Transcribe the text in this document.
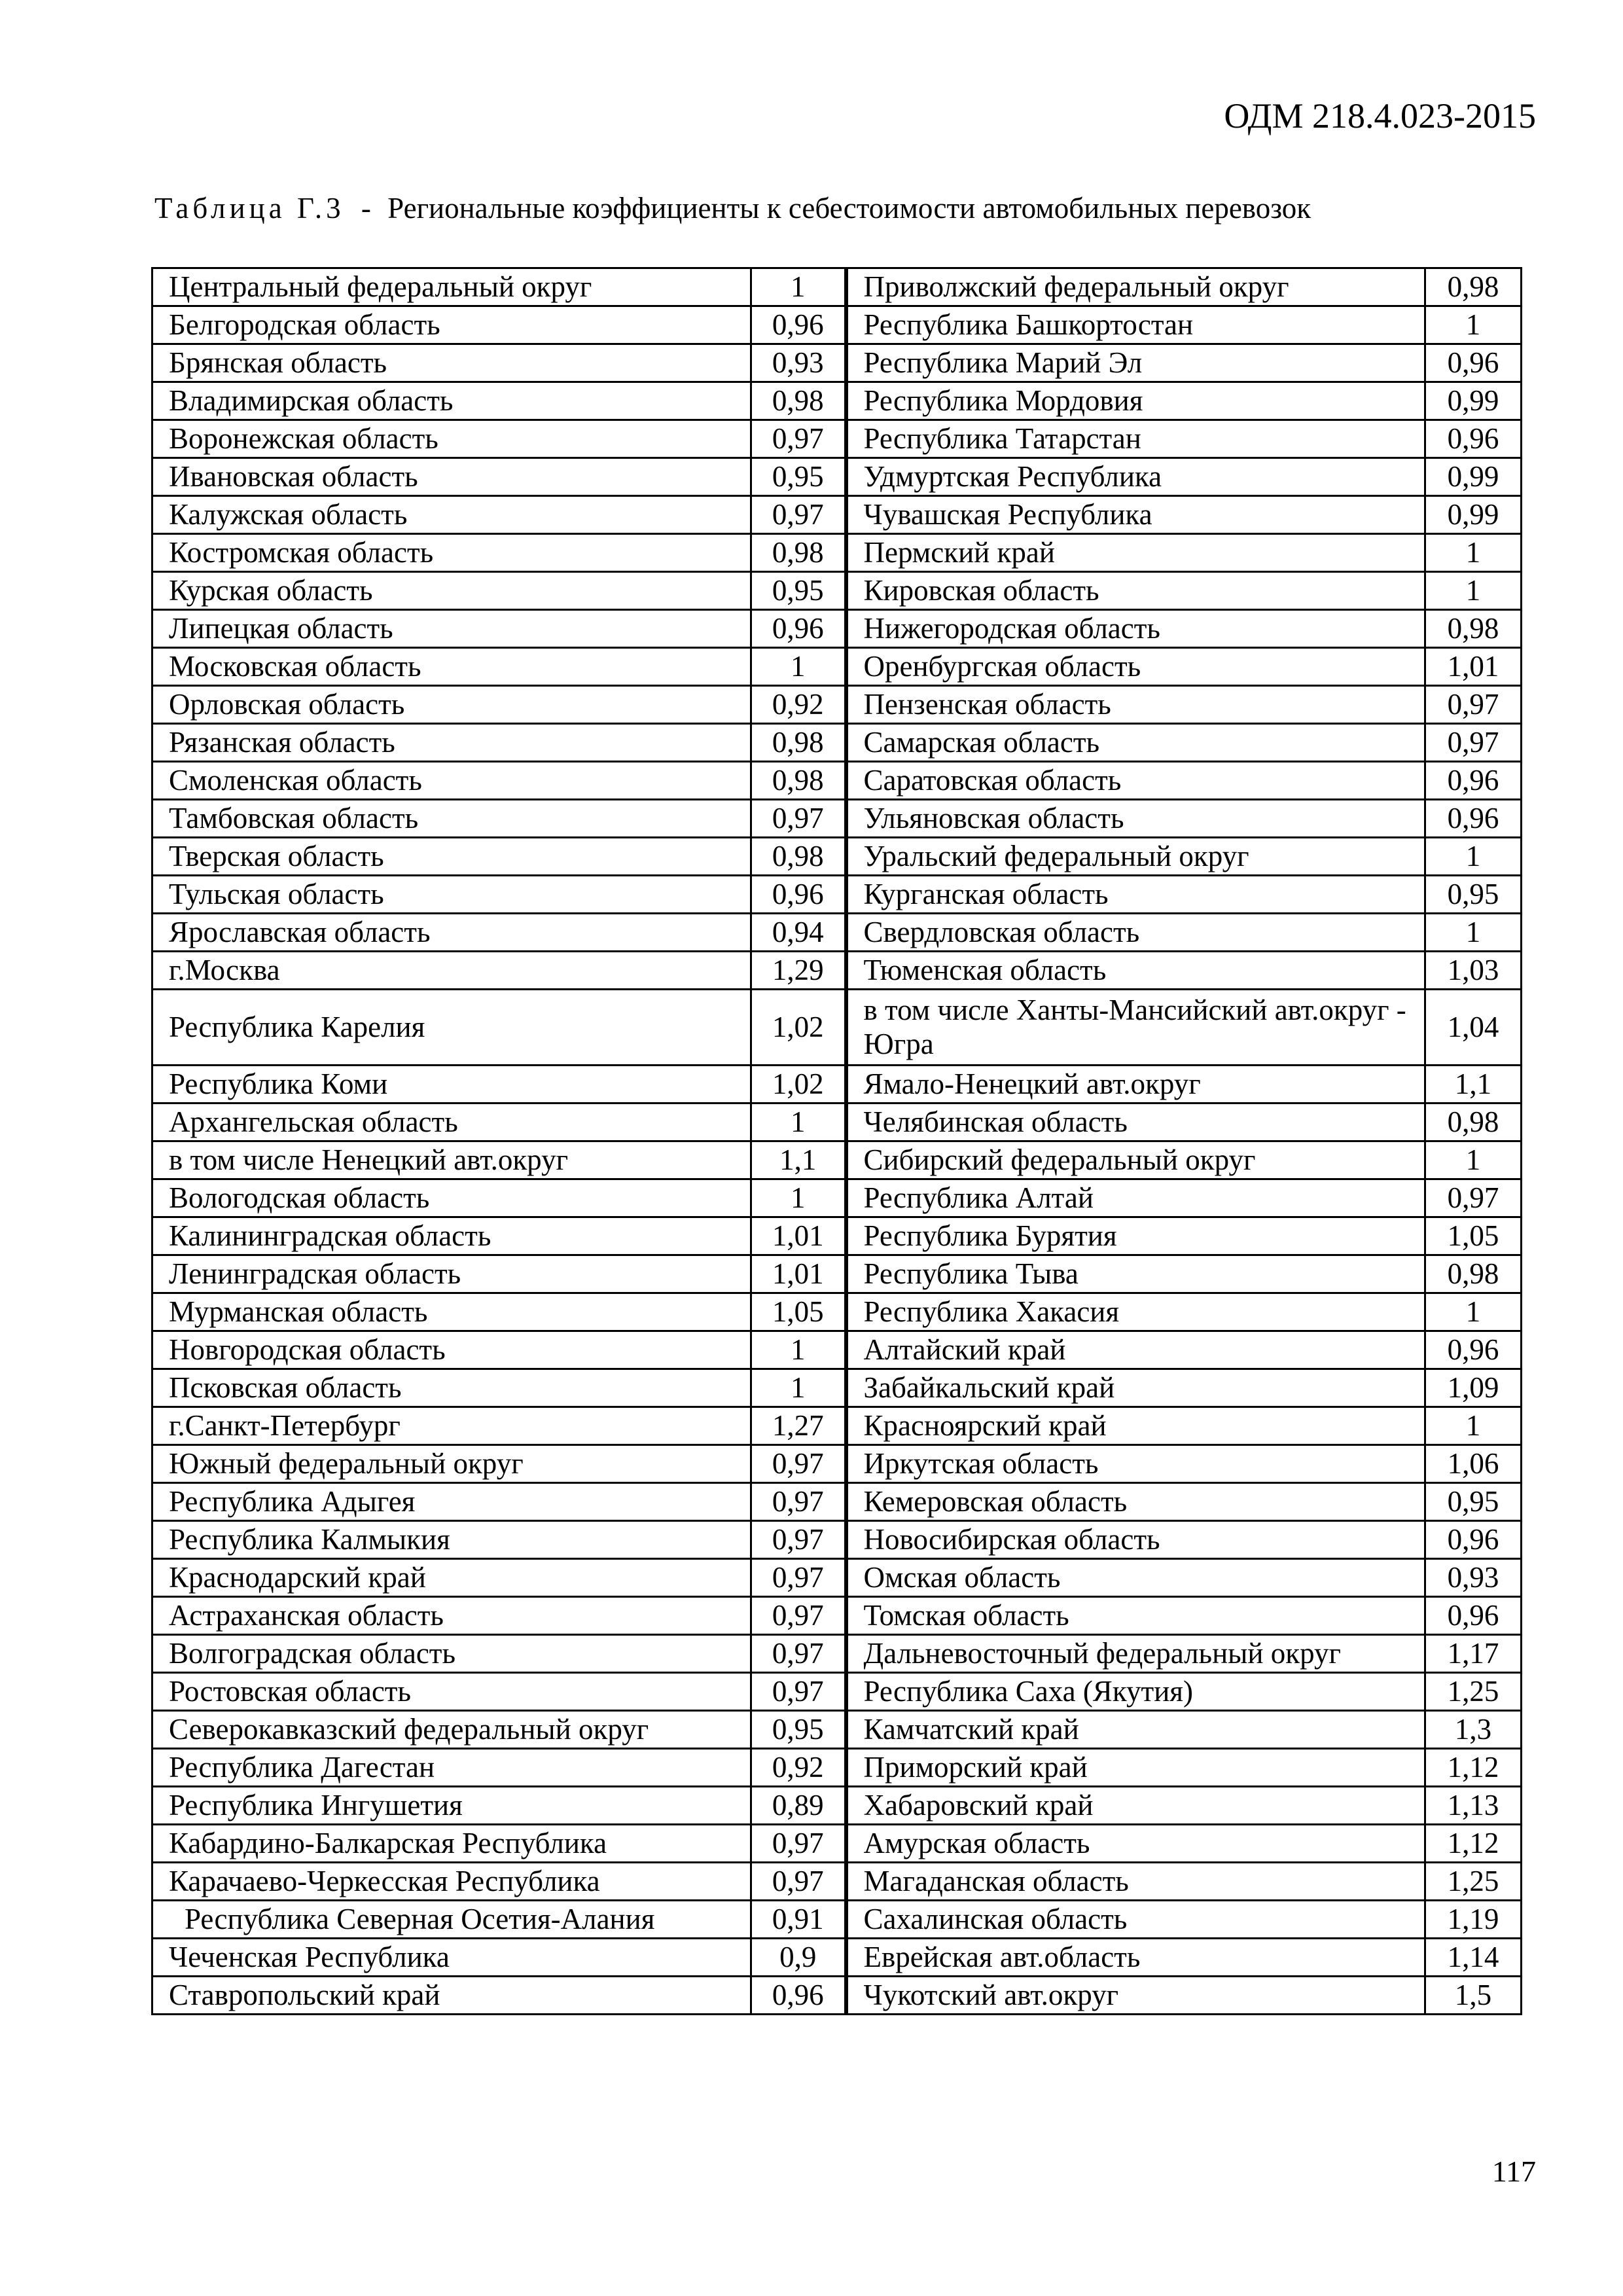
ОДМ 218.4.023-2015
Таблица Г.3 - Региональные коэффициенты к себестоимости автомобильных перевозок
Центральный федеральный округ	1	Приволжский федеральный округ	0,98
Белгородская область	0,96	Республика Башкортостан	1
Брянская область	0,93	Республика Марий Эл	0,96
Владимирская область	0,98	Республика Мордовия	0,99
Воронежская область	0,97	Республика Татарстан	0,96
Ивановская область	0,95	Удмуртская Республика	0,99
Калужская область	0,97	Чувашская Республика	0,99
Костромская область	0,98	Пермский край	1
Курская область	0,95	Кировская область	1
Липецкая область	0,96	Нижегородская область	0,98
Московская область	1	Оренбургская область	1,01
Орловская область	0,92	Пензенская область	0,97
Рязанская область	0,98	Самарская область	0,97
Смоленская область	0,98	Саратовская область	0,96
Тамбовская область	0,97	Ульяновская область	0,96
Тверская область	0,98	Уральский федеральный округ	1
Тульская область	0,96	Курганская область	0,95
Ярославская область	0,94	Свердловская область	1
г.Москва	1,29	Тюменская область	1,03
Республика Карелия	1,02	в том числе Ханты-Мансийский авт.округ - Югра	1,04
Республика Коми	1,02	Ямало-Ненецкий авт.округ	1,1
Архангельская область	1	Челябинская область	0,98
в том числе Ненецкий авт.округ	1,1	Сибирский федеральный округ	1
Вологодская область	1	Республика Алтай	0,97
Калининградская область	1,01	Республика Бурятия	1,05
Ленинградская область	1,01	Республика Тыва	0,98
Мурманская область	1,05	Республика Хакасия	1
Новгородская область	1	Алтайский край	0,96
Псковская область	1	Забайкальский край	1,09
г.Санкт-Петербург	1,27	Красноярский край	1
Южный федеральный округ	0,97	Иркутская область	1,06
Республика Адыгея	0,97	Кемеровская область	0,95
Республика Калмыкия	0,97	Новосибирская область	0,96
Краснодарский край	0,97	Омская область	0,93
Астраханская область	0,97	Томская область	0,96
Волгоградская область	0,97	Дальневосточный федеральный округ	1,17
Ростовская область	0,97	Республика Саха (Якутия)	1,25
Северокавказский федеральный округ	0,95	Камчатский край	1,3
Республика Дагестан	0,92	Приморский край	1,12
Республика Ингушетия	0,89	Хабаровский край	1,13
Кабардино-Балкарская Республика	0,97	Амурская область	1,12
Карачаево-Черкесская Республика	0,97	Магаданская область	1,25
Республика Северная Осетия-Алания	0,91	Сахалинская область	1,19
Чеченская Республика	0,9	Еврейская авт.область	1,14
Ставропольский край	0,96	Чукотский авт.округ	1,5
117
